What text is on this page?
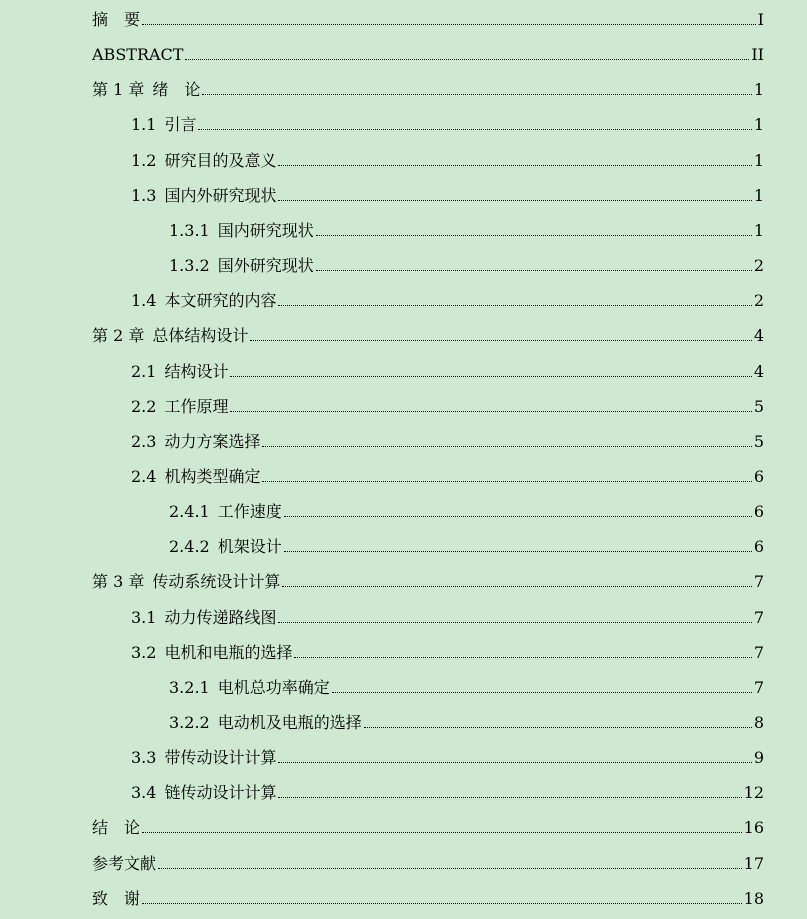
摘　要	I
ABSTRACT	II
第 1 章 绪　论	1
1.1 引言	1
1.2 研究目的及意义	1
1.3 国内外研究现状	1
1.3.1 国内研究现状	1
1.3.2 国外研究现状	2
1.4 本文研究的内容	2
第 2 章 总体结构设计	4
2.1 结构设计	4
2.2 工作原理	5
2.3 动力方案选择	5
2.4 机构类型确定	6
2.4.1 工作速度	6
2.4.2 机架设计	6
第 3 章 传动系统设计计算	7
3.1 动力传递路线图	7
3.2 电机和电瓶的选择	7
3.2.1 电机总功率确定	7
3.2.2 电动机及电瓶的选择	8
3.3 带传动设计计算	9
3.4 链传动设计计算	12
结　论	16
参考文献	17
致　谢	18
